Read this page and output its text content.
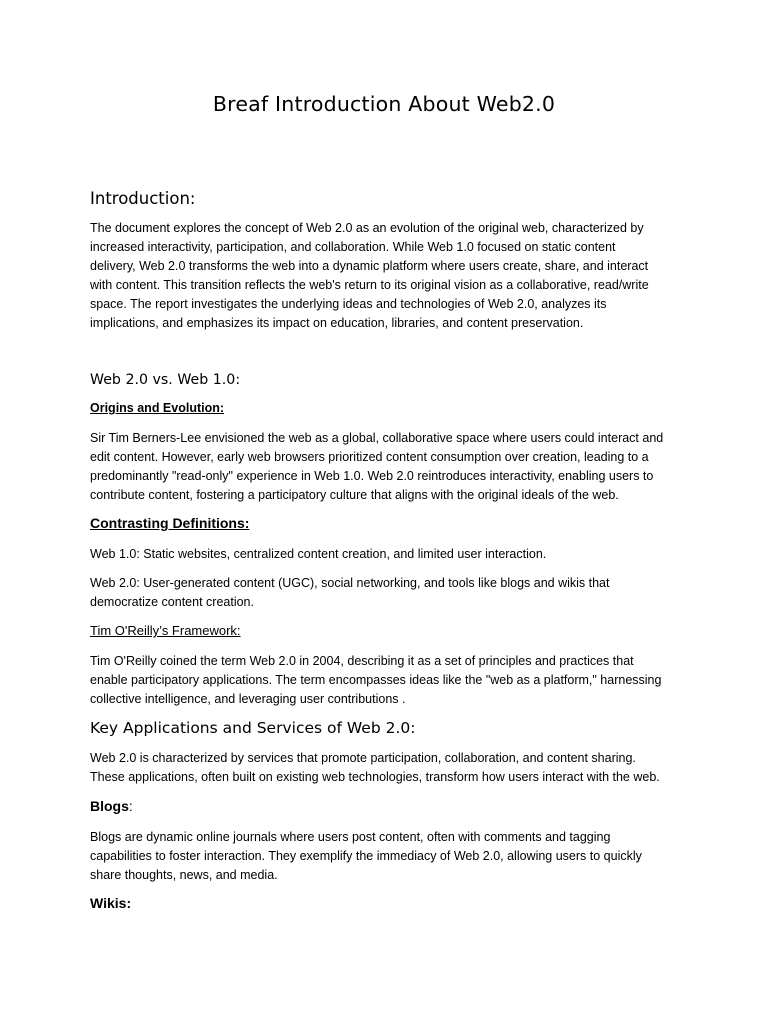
Breaf Introduction About Web2.0
Introduction:
The document explores the concept of Web 2.0 as an evolution of the original web, characterized by
increased interactivity, participation, and collaboration. While Web 1.0 focused on static content
delivery, Web 2.0 transforms the web into a dynamic platform where users create, share, and interact
with content. This transition reflects the web's return to its original vision as a collaborative, read/write
space. The report investigates the underlying ideas and technologies of Web 2.0, analyzes its
implications, and emphasizes its impact on education, libraries, and content preservation.
Web 2.0 vs. Web 1.0:
Origins and Evolution:
Sir Tim Berners-Lee envisioned the web as a global, collaborative space where users could interact and
edit content. However, early web browsers prioritized content consumption over creation, leading to a
predominantly "read-only" experience in Web 1.0. Web 2.0 reintroduces interactivity, enabling users to
contribute content, fostering a participatory culture that aligns with the original ideals of the web.
Contrasting Definitions:
Web 1.0: Static websites, centralized content creation, and limited user interaction.
Web 2.0: User-generated content (UGC), social networking, and tools like blogs and wikis that
democratize content creation.
Tim O'Reilly’s Framework:
Tim O'Reilly coined the term Web 2.0 in 2004, describing it as a set of principles and practices that
enable participatory applications. The term encompasses ideas like the "web as a platform," harnessing
collective intelligence, and leveraging user contributions .
Key Applications and Services of Web 2.0:
Web 2.0 is characterized by services that promote participation, collaboration, and content sharing.
These applications, often built on existing web technologies, transform how users interact with the web.
Blogs:
Blogs are dynamic online journals where users post content, often with comments and tagging
capabilities to foster interaction. They exemplify the immediacy of Web 2.0, allowing users to quickly
share thoughts, news, and media.
Wikis:
